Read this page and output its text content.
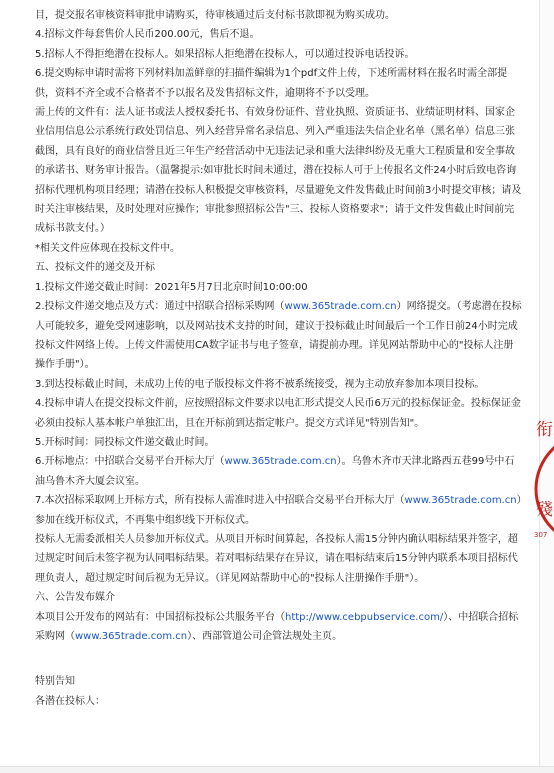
目，提交报名审核资料审批申请购买，待审核通过后支付标书款即视为购买成功。

4.招标文件每套售价人民币200.00元，售后不退。

5.招标人不得拒绝潜在投标人。如果招标人拒绝潜在投标人，可以通过投诉电话投诉。

6.提交购标申请时需将下列材料加盖鲜章的扫描件编辑为1个pdf文件上传，下述所需材料在报名时需全部提供，资料不齐全或不合格者不予以报名及发售招标文件，逾期将不予以受理。

需上传的文件有：法人证书或法人授权委托书、有效身份证件、营业执照、资质证书、业绩证明材料、国家企业信用信息公示系统行政处罚信息、列入经营异常名录信息、列入严重违法失信企业名单（黑名单）信息三张截图，具有良好的商业信誉且近三年生产经营活动中无违法记录和重大法律纠纷及无重大工程质量和安全事故的承诺书、财务审计报告。（温馨提示:如审批长时间未通过，潜在投标人可于上传报名文件24小时后致电咨询招标代理机构项目经理；请潜在投标人积极提交审核资料，尽量避免文件发售截止时间前3小时提交审核；请及时关注审核结果，及时处理对应操作；审批参照招标公告"三、投标人资格要求"；请于文件发售截止时间前完成标书款支付。）

*相关文件应体现在投标文件中。

五、投标文件的递交及开标

1.投标文件递交截止时间：2021年5月7日北京时间10:00:00

2.投标文件递交地点及方式：通过中招联合招标采购网（www.365trade.com.cn）网络提交。（考虑潜在投标人可能较多，避免受网速影响，以及网站技术支持的时间，建议于投标截止时间最后一个工作日前24小时完成投标文件网络上传。上传文件需使用CA数字证书与电子签章，请提前办理。详见网站帮助中心的"投标人注册操作手册"）。

3.到达投标截止时间，未成功上传的电子版投标文件将不被系统接受，视为主动放弃参加本项目投标。

4.投标申请人在提交投标文件前，应按照招标文件要求以电汇形式提交人民币6万元的投标保证金。投标保证金必须由投标人基本帐户单独汇出，且在开标前到达指定帐户。提交方式详见"特别告知"。

5.开标时间：同投标文件递交截止时间。

6.开标地点：中招联合交易平台开标大厅（www.365trade.com.cn）。乌鲁木齐市天津北路西五巷99号中石油乌鲁木齐大厦会议室。

7.本次招标采取网上开标方式，所有投标人需准时进入中招联合交易平台开标大厅（www.365trade.com.cn）参加在线开标仪式，不再集中组织线下开标仪式。

投标人无需委派相关人员参加开标仪式。从项目开标时间算起，各投标人需15分钟内确认唱标结果并签字，超过规定时间后未签字视为认同唱标结果。若对唱标结果存在异议，请在唱标结束后15分钟内联系本项目招标代理负责人，超过规定时间后视为无异议。（详见网站帮助中心的"投标人注册操作手册"）。

六、公告发布媒介

本项目公开发布的网站有：中国招标投标公共服务平台（http://www.cebpubservice.com/）、中招联合招标采购网（www.365trade.com.cn）、西部管道公司企管法规处主页。

特别告知

各潜在投标人：

衔
殘
307
